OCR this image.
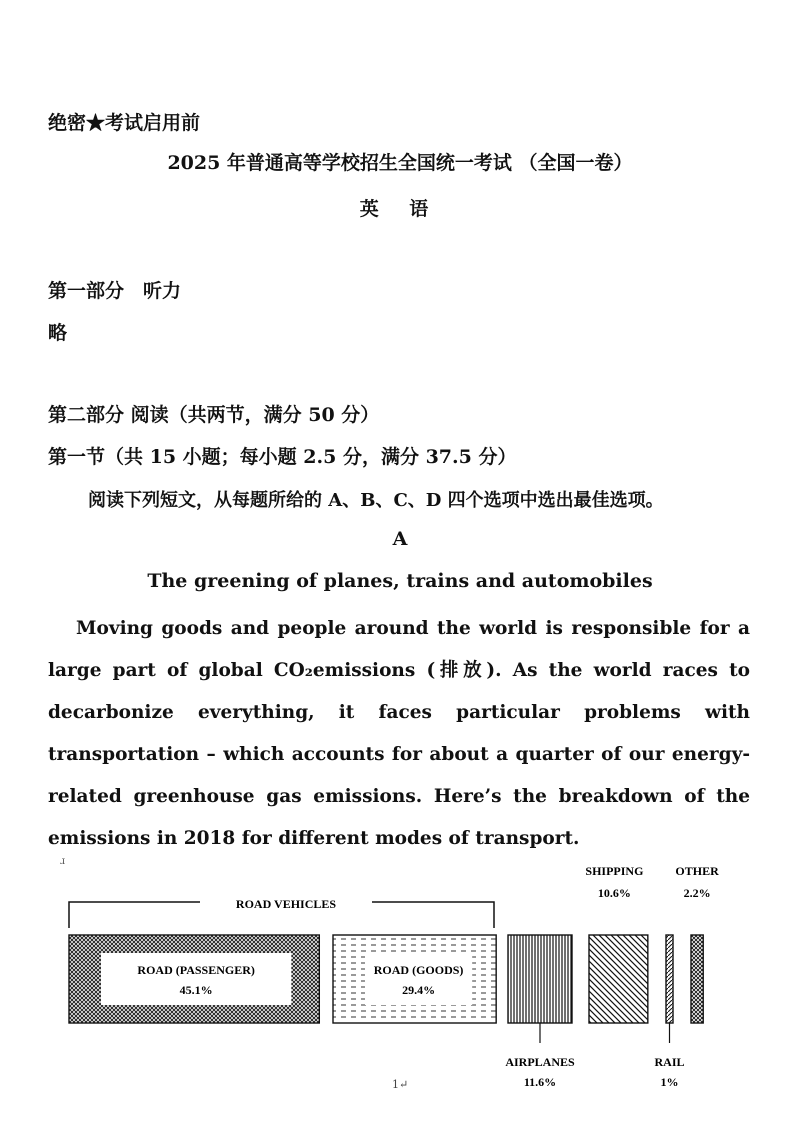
绝密★考试启用前
2025 年普通高等学校招生全国统一考试 （全国一卷）
英 语
第一部分　听力
略
第二部分 阅读（共两节，满分 50 分）
第一节（共 15 小题；每小题 2.5 分，满分 37.5 分）
阅读下列短文，从每题所给的 A、B、C、D 四个选项中选出最佳选项。
A
The greening of planes, trains and automobiles

Moving goods and people around the world is responsible for a large part of global CO₂emissions (排放). As the world races to decarbonize everything, it faces particular problems with transportation – which accounts for about a quarter of our energy-related greenhouse gas emissions. Here’s the breakdown of the emissions in 2018 for different modes of transport.

ROAD VEHICLES
ROAD (PASSENGER)
45.1%
ROAD (GOODS)
29.4%
AIRPLANES
11.6%
SHIPPING
10.6%
RAIL
1%
OTHER
2.2%
ɹ
1↵
